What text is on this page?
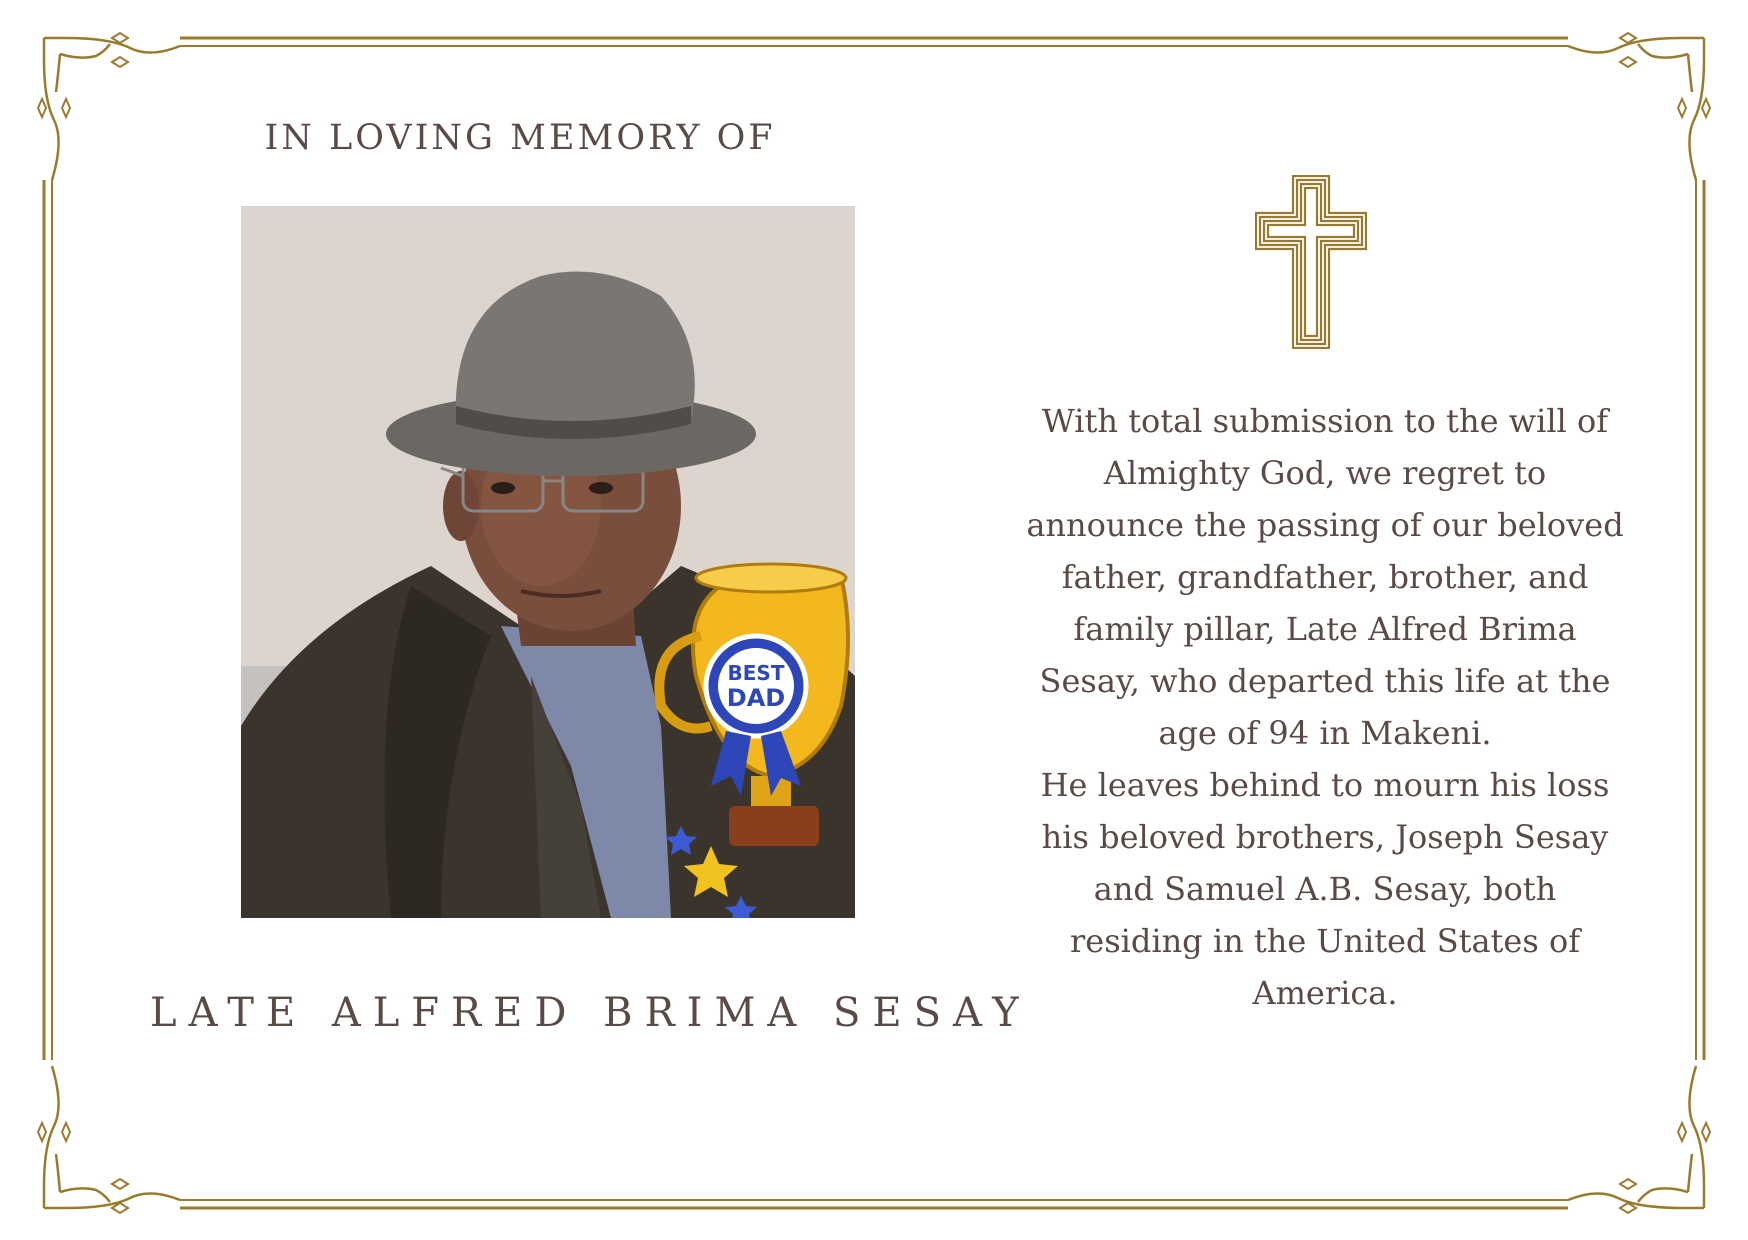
IN LOVING MEMORY OF
BEST
DAD
LATE ALFRED BRIMA SESAY

With total submission to the will of Almighty God, we regret to announce the passing of our beloved father, grandfather, brother, and family pillar, Late Alfred Brima Sesay, who departed this life at the age of 94 in Makeni.

He leaves behind to mourn his loss his beloved brothers, Joseph Sesay and Samuel A.B. Sesay, both residing in the United States of America.
